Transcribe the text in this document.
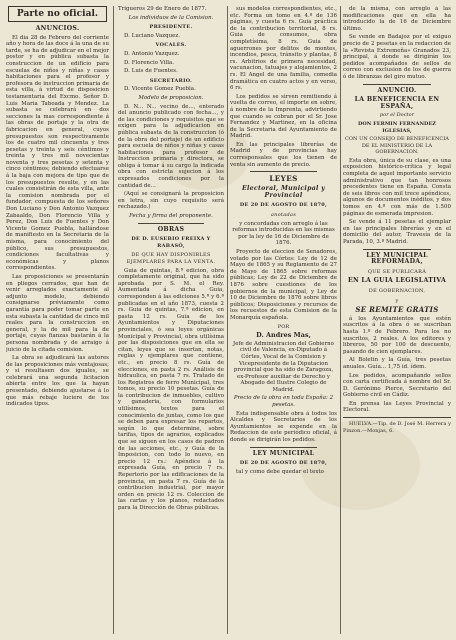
Parte no oficial.
ANUNCIOS.

El dia 28 de Febrero del corriente año y hora de las doce á la una de su tarde, se ha de adjudicar en el mejor postor y en pública subasta la construccion de un edificio para escuelas de niños y niñas y casas habitaciones para el profesor y profesora de instruccion primaria de esta villa, á virtud de disposicion testamentaria del Excmo. Señor D. Luis Maria Taboada y Mendez. La subasta se celebrará en dos secciones la mas correspondiente á las obras de portaje y la otra de fabricacion en general, cuyos presupuestos son respectivamente los de cuatro mil cincuenta y tres pesetas y treinta y seis céntimos y treinta y tres mil novecientas noventa y tres pesetas y setenta y cinco céntimos; debiendo efectuarse á la baja con mejora de tipo que de los presupuestos resulte, y en las cuales consistirán de esta villa, ante la comision nombrada por el fundador, compuesta de los señores Don Luciano y Don Antonio Vazquez Zabaaldo, Don Florencio Villa y Perez, Don Luis de Fuentes y Don Vicente Gomez Puebla, hallándose de manifiesto en la Secretaria de la misma, para conocimiento del público, sus presupuestos, condiciones facultativas y económicas y planos correspondientes.

Las proposiciones se presentarán en pliegos cerrados, que han de venir arreglados exactamente al adjunto modelo, debiendo consignarse préviamente como garantía para poder tomar parte en esta subasta la cantidad de cinco mil reales para la construccion en general, y la de mil para la de portaje, cuyas fianzas bastarán á la persona nombrada y de arraigo á juicio de la citada comision.

La obra se adjudicará las autores de las proposiciones más ventajosas; y si resultasen dos iguales, se celebrará una segunda licitacion abierta entre los que la hayan presentado, debiendo ajustarse á lo que más rebaje luciere de los indicados tipos.

Trigueros 29 de Enero de 1877.

Los individuos de la Comision.

PRESIDENTE.

D. Luciano Vazquez.

VOCALES.

D. Antonio Vazquez.

D. Florencio Villa.

D. Luis de Fuentes.

SECRETARIO.

D. Vicente Gomez Puebla.

Modelo de proposicion.

D. N... N... vecino de..., enterado del anuncio publicado con fecha..., y de las condiciones y requisitos que se exigen para la adjudicacion en pública subasta de la construccion (ó de la obra del portaje) de un edificio para escuela de niños y niñas y casas habitaciones para profesor de Instruccion primaria y directora, se obliga á tomar á su cargo la indicada obra con estricta sujecion á los expresados condiciones por la cantidad de...

(Aquí se consignará la proposicion en letra, sin cuyo requisito será rechazado.)

Fecha y firma del proponente.

OBRAS
DE D. EUSEBIO FREIXA Y RABASÓ,
DE QUE HAY DISPONIBLES EJEMPLARES PARA LA VENTA.

Guia de quintas, 8.ª edicion, obra completamente original, que ha sido aprobada por S. M. el Rey. Aumentada á dicha Guia, corresponden á las ediciones 5.ª y 6.ª publicadas en el año 1873, cuesta 2 rs. Guia de quintas, 7.ª edicion, en pasta 12 rs. Guia de los Ayuntamientos y Diputaciones provinciales, ó sea leyes orgánicas Municipal y Provincial, obra utilísima por las disposiciones que en ella se citan, leyes que se insertan, notas, reglas y ejemplares que contiene, etc., en precio 8 rs. Guía de elecciones, en pasta 2 rs. Análisis de hidraulica, en pasta 7 rs. Tratado de los Registros de ferro Municipal, tres tomos, su precio 10 pesetas. Guía de la contribucion de inmuebles, cultivo y ganaderia, con formularios utilísimos, textos para el conocimiento de juntas, como los que se deben para expresar los repartos, según lo que determine, sobre tarifas, tipos de agrarios, explicados que se siguen en los casos de padron de las acciones, etc., y Guía de la Imposicion, con todo lo nuevo, en precio 12 rs.: Apéndice á la expresada Guía, en precio 7 rs. Repertorio por las edificaciones de la provincia, en pasta 7 rs. Guía de la contribucion industrial, por mayor orden en precio 12 rs. Coleccion de las cartas y los planos, redactados para la Dirección de Obras públicas.

sus modelos correspondientes, etc., etc. Forma un tomo en 4.º de 136 páginas, y cuesta 6 rs. Guia práctica de la contribucion territorial, 8 rs. Guia de consumos, obra completísima, 8 rs. Guia de aguerrones por delitos de montes, incendios, pesca, tránsito y plantas, 8 rs. Arbitrios de primera necesidad, vacunacion, tatuajes y alojamientos, 2 rs. El Angel de una familia, comedia dramática en cuatro actos y en verso, 6 rs.

Los pedidos se sirven remitiendo á vuelta de correo, el importe en sobre, á nombre de la Imprenta, advirtiendo que cuando se cobran por el Sr. Jose Fernandez y Martinez, en la oficina de la Secretaria del Ayuntamiento de Madrid.

En las principales librerías de Madrid y de provincias hay corresponsales que los tienen de venta sin aumento de precio.

LEYES
Electoral, Municipal y Provincial
DE 20 DE AGOSTO DE 1870,
anotadas

y concordadas con arreglo á las reformas introducidas en las mismas por la ley de 16 de Diciembre de 1876.

Proyecto de eleccion de Senadores, votado por las Córtes: Ley de 12 de Mayo de 1865 y su Reglamento de 27 de Mayo de 1865 sobre reformas públicas; Ley de 22 de Diciembre de 1876 sobre cuestiones de los gobiernos de la municipal, y Ley de 10 de Diciembre de 1876 sobre libros públicos; Disposiciones y recursos de los recuestos de esta Comision de la Monarquía española.

POR

D. Andres Mas,

Jefe de Administracion del Gobierno civil de Valencia, ex-Diputado á Córtes, Vocal de la Comision y Vicepresidente de la Diputacion provincial que ha sido de Zaragoza, ex-Profesor auxiliar de Derecho y Abogado del Ilustre Colegio de Madrid.

Precio de la obra en toda España: 2 pesetas.

Esta indispensable obra á todos los Alcaldes y Secretarios de los Ayuntamientos se expende en la Redaccion de este periódico oficial, á donde se dirigirán los pedidos.

LEY MUNICIPAL
DE 20 DE AGOSTO DE 1870,

tal y como debe quedar el texto

de la misma, con arreglo á las modificaciones que en ella ha introducido la de 16 de Diciembre último.

Se vende en Badajoz por el exiguo precio de 2 pesetas en la redaccion de la «Revista Extremeña» Granados 23, principal, á donde se dirigirán los pedidos acompañados de sellos de correo con exclusion de los de guerra ó de libranzas del giro mutuo.

ANUNCIO.
LA BENEFICENCIA EN ESPAÑA,

por el Doctor

DON FERMIN FERNANDEZ IGLESIAS,

CON UN CONSEJO DE BENEFICENCIA DE EL MINISTERIO DE LA GOBERNACION.

Esta obra, única de su clase, es una exposicion histórico-crítica y legal completa de aquel importante servicio administrativo que tan honrosos precedentes tiene en España. Consta de seis libros con mil trece apéndices, algunos de documentos inéditos, y dos tomos en 4.º con más de 1.500 páginas de esmerada impresion.

Se vende á 11 pesetas el ejemplar en las principales librerías y en el domicilio del autor, Travesía de la Parada, 10, 3.º Madrid.

LEY MUNICIPAL REFORMADA,
QUE SE PUBLICARÁ
EN LA GUIA LEGISLATIVA
DE GOBERNACION,
y
SE REMITE GRATIS

á los Ayuntamientos que estén suscritos á la obra ó se suscriban hasta 1.º de Febrero. Para los no suscritos, 2 reales. A los editores y libreros, 50 por 100 de descuento, pasando de cien ejemplares.

Al Boletin y la Guía, tres pesetas anuales. Guía... 1,75 id. ídem.

Los pedidos, acompañando sellos con carta certificada á nombre del Sr. D. Gerónimo Pierce, Secretario del Gobierno civil en Cádiz.

En prensa las Leyes Provincial y Electoral.

HUELVA.—Tip. de D. José M. Herrera y Pinzon.—Monjas, 6.
